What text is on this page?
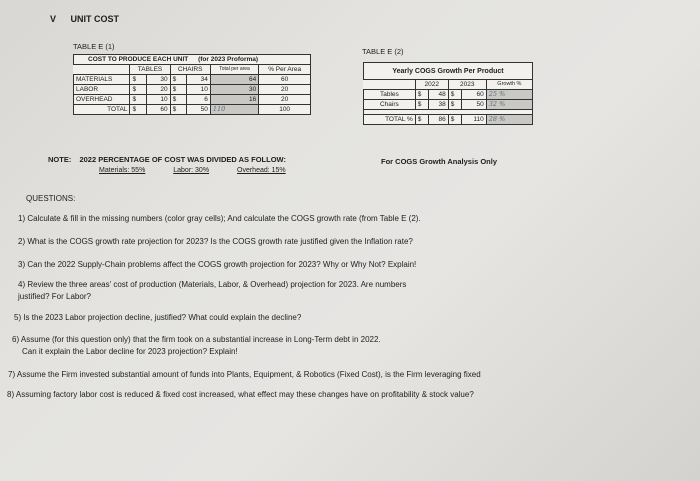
V UNIT COST
TABLE E (1)
COST TO PRODUCE EACH UNIT (for 2023 Proforma)						
	TABLES		CHAIRS		Total per area	% Per Area
MATERIALS	$	30	$	34	64	60
LABOR	$	20	$	10	30	20
OVERHEAD	$	10	$	6	16	20
TOTAL	$	60	$	50	110	100
TABLE E (2)
Yearly COGS Growth Per Product					
	2022		2023		Growth %
Tables	$	48	$	60	25 %
Chairs	$	38	$	50	32 %

TOTAL %	$	86	$	110	28 %
For COGS Growth Analysis Only
NOTE: 2022 PERCENTAGE OF COST WAS DIVIDED AS FOLLOW:
Materials: 55%	Labor: 30%	Overhead: 15%
QUESTIONS:
1) Calculate & fill in the missing numbers (color gray cells); And calculate the COGS growth rate (from Table E (2).
2) What is the COGS growth rate projection for 2023? Is the COGS growth rate justified given the Inflation rate?
3) Can the 2022 Supply-Chain problems affect the COGS growth projection for 2023? Why or Why Not? Explain!
4) Review the three areas' cost of production (Materials, Labor, & Overhead) projection for 2023. Are numbers
justified? For Labor?
5) Is the 2023 Labor projection decline, justified? What could explain the decline?
6) Assume (for this question only) that the firm took on a substantial increase in Long-Term debt in 2022.
Can it explain the Labor decline for 2023 projection? Explain!
7) Assume the Firm invested substantial amount of funds into Plants, Equipment, & Robotics (Fixed Cost), is the Firm leveraging fixed
8) Assuming factory labor cost is reduced & fixed cost increased, what effect may these changes have on profitability & stock value?
